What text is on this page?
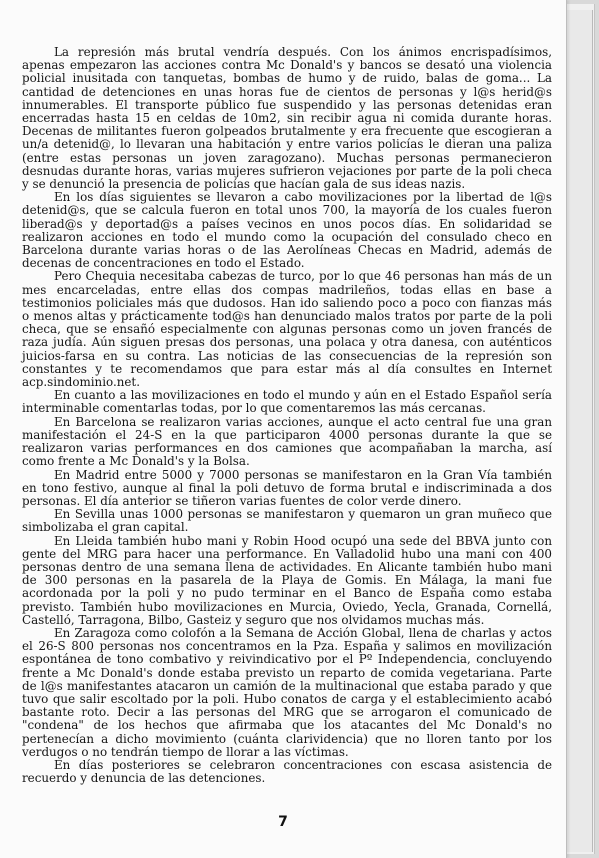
La represión más brutal vendría después. Con los ánimos encrispadísimos, apenas empezaron las acciones contra Mc Donald's y bancos se desató una violencia policial inusitada con tanquetas, bombas de humo y de ruido, balas de goma... La cantidad de detenciones en unas horas fue de cientos de personas y l@s herid@s innumerables. El transporte público fue suspendido y las personas detenidas eran encerradas hasta 15 en celdas de 10m2, sin recibir agua ni comida durante horas. Decenas de militantes fueron golpeados brutalmente y era frecuente que escogieran a un/a detenid@, lo llevaran una habitación y entre varios policías le dieran una paliza (entre estas personas un joven zaragozano). Muchas personas permanecieron desnudas durante horas, varias mujeres sufrieron vejaciones por parte de la poli checa y se denunció la presencia de policías que hacían gala de sus ideas nazis.

En los días siguientes se llevaron a cabo movilizaciones por la libertad de l@s detenid@s, que se calcula fueron en total unos 700, la mayoría de los cuales fueron liberad@s y deportad@s a países vecinos en unos pocos días. En solidaridad se realizaron acciones en todo el mundo como la ocupación del consulado checo en Barcelona durante varias horas o de las Aerolíneas Checas en Madrid, además de decenas de concentraciones en todo el Estado.

Pero Chequia necesitaba cabezas de turco, por lo que 46 personas han más de un mes encarceladas, entre ellas dos compas madrileños, todas ellas en base a testimonios policiales más que dudosos. Han ido saliendo poco a poco con fianzas más o menos altas y prácticamente tod@s han denunciado malos tratos por parte de la poli checa, que se ensañó especialmente con algunas personas como un joven francés de raza judía. Aún siguen presas dos personas, una polaca y otra danesa, con auténticos juicios-farsa en su contra. Las noticias de las consecuencias de la represión son constantes y te recomendamos que para estar más al día consultes en Internet acp.sindominio.net.

En cuanto a las movilizaciones en todo el mundo y aún en el Estado Español sería interminable comentarlas todas, por lo que comentaremos las más cercanas.

En Barcelona se realizaron varias acciones, aunque el acto central fue una gran manifestación el 24-S en la que participaron 4000 personas durante la que se realizaron varias performances en dos camiones que acompañaban la marcha, así como frente a Mc Donald's y la Bolsa.

En Madrid entre 5000 y 7000 personas se manifestaron en la Gran Vía también en tono festivo, aunque al final la poli detuvo de forma brutal e indiscriminada a dos personas. El día anterior se tiñeron varias fuentes de color verde dinero.

En Sevilla unas 1000 personas se manifestaron y quemaron un gran muñeco que simbolizaba el gran capital.

En Lleida también hubo mani y Robin Hood ocupó una sede del BBVA junto con gente del MRG para hacer una performance. En Valladolid hubo una mani con 400 personas dentro de una semana llena de actividades. En Alicante también hubo mani de 300 personas en la pasarela de la Playa de Gomis. En Málaga, la mani fue acordonada por la poli y no pudo terminar en el Banco de España como estaba previsto. También hubo movilizaciones en Murcia, Oviedo, Yecla, Granada, Cornellá, Castelló, Tarragona, Bilbo, Gasteiz y seguro que nos olvidamos muchas más.

En Zaragoza como colofón a la Semana de Acción Global, llena de charlas y actos el 26-S 800 personas nos concentramos en la Pza. España y salimos en movilización espontánea de tono combativo y reivindicativo por el Pº Independencia, concluyendo frente a Mc Donald's donde estaba previsto un reparto de comida vegetariana. Parte de l@s manifestantes atacaron un camión de la multinacional que estaba parado y que tuvo que salir escoltado por la poli. Hubo conatos de carga y el establecimiento acabó bastante roto. Decir a las personas del MRG que se arrogaron el comunicado de "condena" de los hechos que afirmaba que los atacantes del Mc Donald's no pertenecían a dicho movimiento (cuánta clarividencia) que no lloren tanto por los verdugos o no tendrán tiempo de llorar a las víctimas.

En días posteriores se celebraron concentraciones con escasa asistencia de recuerdo y denuncia de las detenciones.

7
